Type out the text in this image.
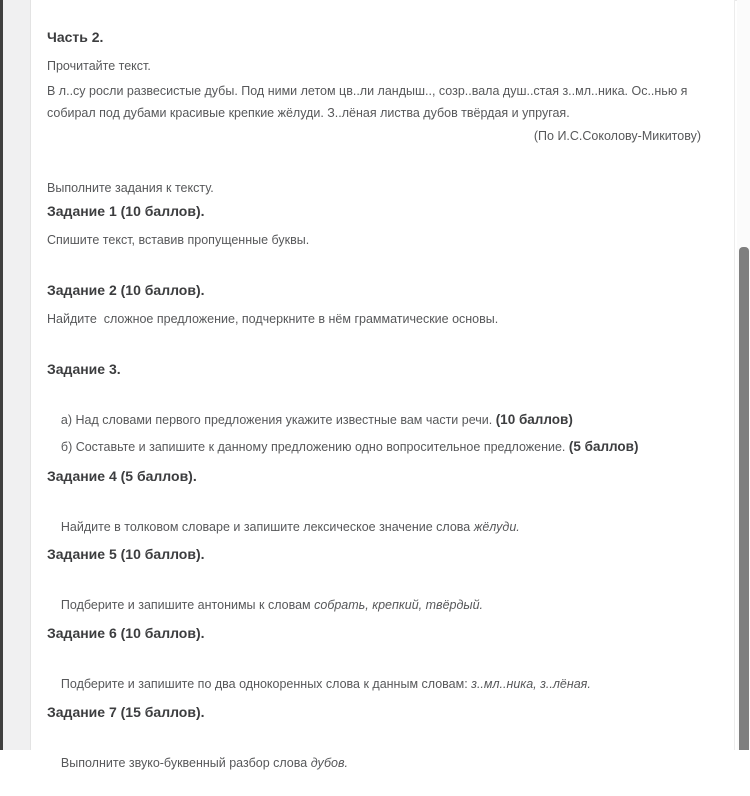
Часть 2.
Прочитайте текст.
В л..су росли развесистые дубы. Под ними летом цв..ли ландыш.., созр..вала душ..стая з..мл..ника. Ос..нью я собирал под дубами красивые крепкие жёлуди. З..лёная листва дубов твёрдая и упругая.
(По И.С.Соколову-Микитову)
Выполните задания к тексту.
Задание 1 (10 баллов).
Спишите текст, вставив пропущенные буквы.
Задание 2 (10 баллов).
Найдите  сложное предложение, подчеркните в нём грамматические основы.
Задание 3.

а) Над словами первого предложения укажите известные вам части речи. (10 баллов)

б) Составьте и запишите к данному предложению одно вопросительное предложение. (5 баллов)

Задание 4 (5 баллов).

Найдите в толковом словаре и запишите лексическое значение слова жёлуди.

Задание 5 (10 баллов).

Подберите и запишите антонимы к словам собрать, крепкий, твёрдый.

Задание 6 (10 баллов).

Подберите и запишите по два однокоренных слова к данным словам: з..мл..ника, з..лёная.

Задание 7 (15 баллов).

Выполните звуко-буквенный разбор слова дубов.
